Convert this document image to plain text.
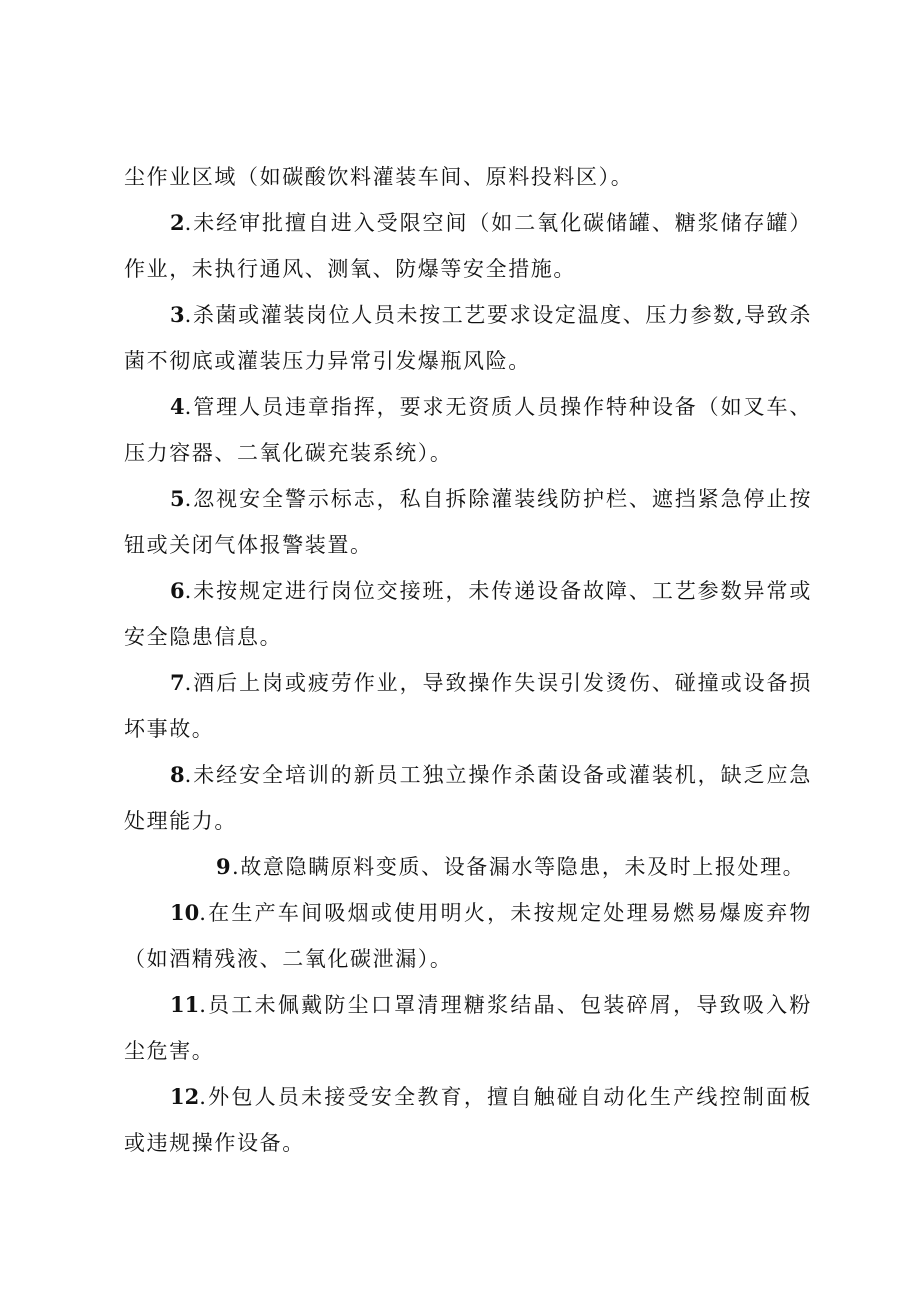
尘作业区域（如碳酸饮料灌装车间、原料投料区）。

2.未经审批擅自进入受限空间（如二氧化碳储罐、糖浆储存罐）作业，未执行通风、测氧、防爆等安全措施。

3.杀菌或灌装岗位人员未按工艺要求设定温度、压力参数,导致杀菌不彻底或灌装压力异常引发爆瓶风险。

4.管理人员违章指挥，要求无资质人员操作特种设备（如叉车、压力容器、二氧化碳充装系统）。

5.忽视安全警示标志，私自拆除灌装线防护栏、遮挡紧急停止按钮或关闭气体报警装置。

6.未按规定进行岗位交接班，未传递设备故障、工艺参数异常或安全隐患信息。

7.酒后上岗或疲劳作业，导致操作失误引发烫伤、碰撞或设备损坏事故。

8.未经安全培训的新员工独立操作杀菌设备或灌装机，缺乏应急处理能力。

9.故意隐瞒原料变质、设备漏水等隐患，未及时上报处理。

10.在生产车间吸烟或使用明火，未按规定处理易燃易爆废弃物（如酒精残液、二氧化碳泄漏）。

11.员工未佩戴防尘口罩清理糖浆结晶、包装碎屑，导致吸入粉尘危害。

12.外包人员未接受安全教育，擅自触碰自动化生产线控制面板或违规操作设备。
